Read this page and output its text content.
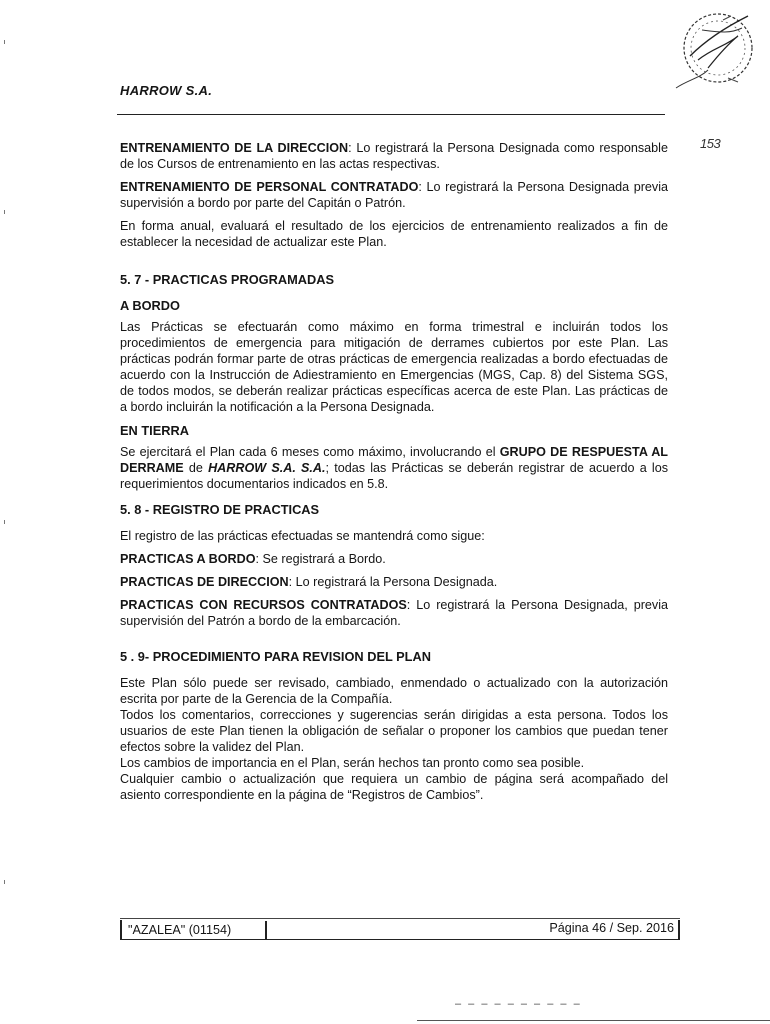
HARROW S.A.
153

ENTRENAMIENTO DE LA DIRECCION: Lo registrará la Persona Designada como responsable de los Cursos de entrenamiento en las actas respectivas.

ENTRENAMIENTO DE PERSONAL CONTRATADO: Lo registrará la Persona Designada previa supervisión a bordo por parte del Capitán o Patrón.

En forma anual, evaluará el resultado de los ejercicios de entrenamiento realizados a fin de establecer la necesidad de actualizar este Plan.

5. 7 - PRACTICAS PROGRAMADAS
A BORDO

Las Prácticas se efectuarán como máximo en forma trimestral e incluirán todos los procedimientos de emergencia para mitigación de derrames cubiertos por este Plan. Las prácticas podrán formar parte de otras prácticas de emergencia realizadas a bordo efectuadas de acuerdo con la Instrucción de Adiestramiento en Emergencias (MGS, Cap. 8) del Sistema SGS, de todos modos, se deberán realizar prácticas específicas acerca de este Plan. Las prácticas de a bordo incluirán la notificación a la Persona Designada.

EN TIERRA

Se ejercitará el Plan cada 6 meses como máximo, involucrando el GRUPO DE RESPUESTA AL DERRAME de HARROW S.A. S.A.; todas las Prácticas se deberán registrar de acuerdo a los requerimientos documentarios indicados en 5.8.

5. 8 - REGISTRO DE PRACTICAS

El registro de las prácticas efectuadas se mantendrá como sigue:

PRACTICAS A BORDO: Se registrará a Bordo.

PRACTICAS DE DIRECCION: Lo registrará la Persona Designada.

PRACTICAS CON RECURSOS CONTRATADOS: Lo registrará la Persona Designada, previa supervisión del Patrón a bordo de la embarcación.

5 . 9- PROCEDIMIENTO PARA REVISION DEL PLAN

Este Plan sólo puede ser revisado, cambiado, enmendado o actualizado con la autorización escrita por parte de la Gerencia de la Compañía.

Todos los comentarios, correcciones y sugerencias serán dirigidas a esta persona. Todos los usuarios de este Plan tienen la obligación de señalar o proponer los cambios que puedan tener efectos sobre la validez del Plan.

Los cambios de importancia en el Plan, serán hechos tan pronto como sea posible.

Cualquier cambio o actualización que requiera un cambio de página será acompañado del asiento correspondiente en la página de “Registros de Cambios”.

"AZALEA" (01154)	Página 46 / Sep. 2016
– – – – – – – – – –
